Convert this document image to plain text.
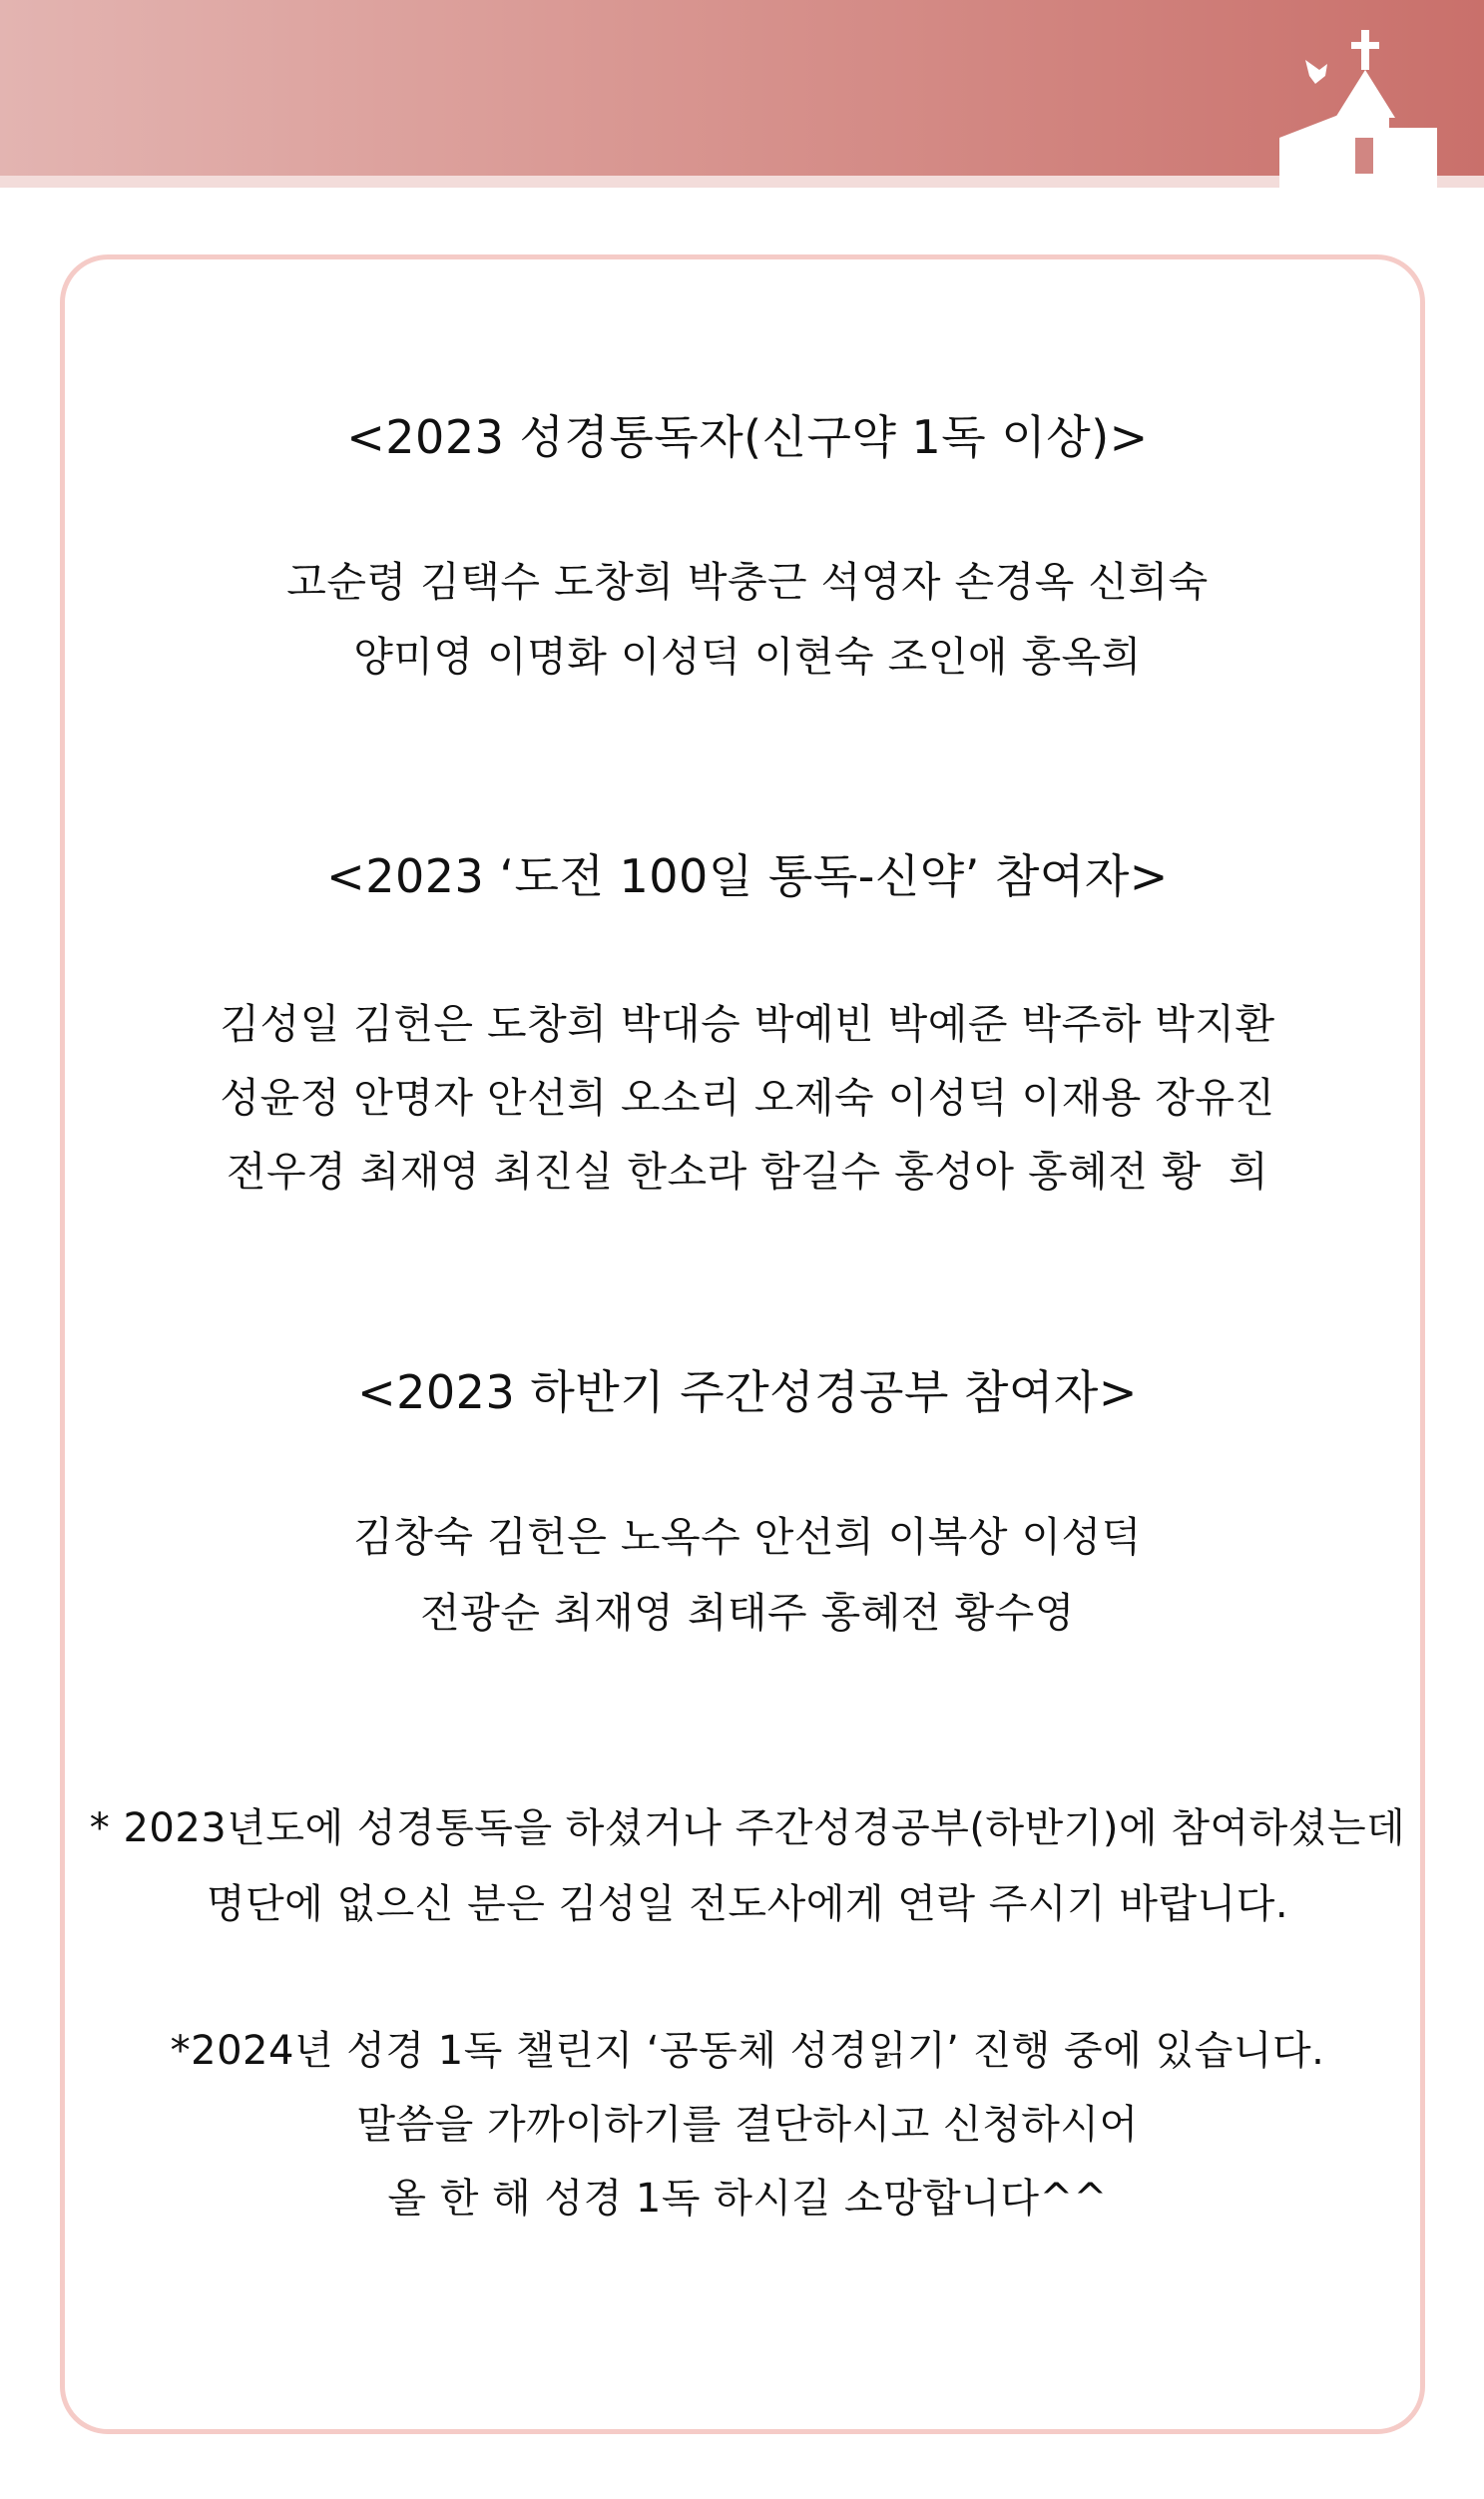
<2023 성경통독자(신구약 1독 이상)>
고순령 김택수 도창희 박충근 석영자 손경옥 신희숙
양미영 이명화 이성덕 이현숙 조인애 홍옥희
<2023 ‘도전 100일 통독-신약’ 참여자>
김성일 김헌은 도창희 박대승 박예빈 박예준 박주하 박지환
성윤정 안명자 안선희 오소리 오제숙 이성덕 이재용 장유진
전우경 최재영 최진실 한소라 함길수 홍성아 홍혜전 황  희
<2023 하반기 주간성경공부 참여자>
김창숙 김헌은 노옥수 안선희 이복상 이성덕
전광순 최재영 최태주 홍혜전 황수영
* 2023년도에 성경통독을 하셨거나 주간성경공부(하반기)에 참여하셨는데
명단에 없으신 분은 김성일 전도사에게 연락 주시기 바랍니다.
*2024년 성경 1독 챌린지 ‘공동체 성경읽기’ 진행 중에 있습니다.
말씀을 가까이하기를 결단하시고 신청하시어
올 한 해 성경 1독 하시길 소망합니다^^
